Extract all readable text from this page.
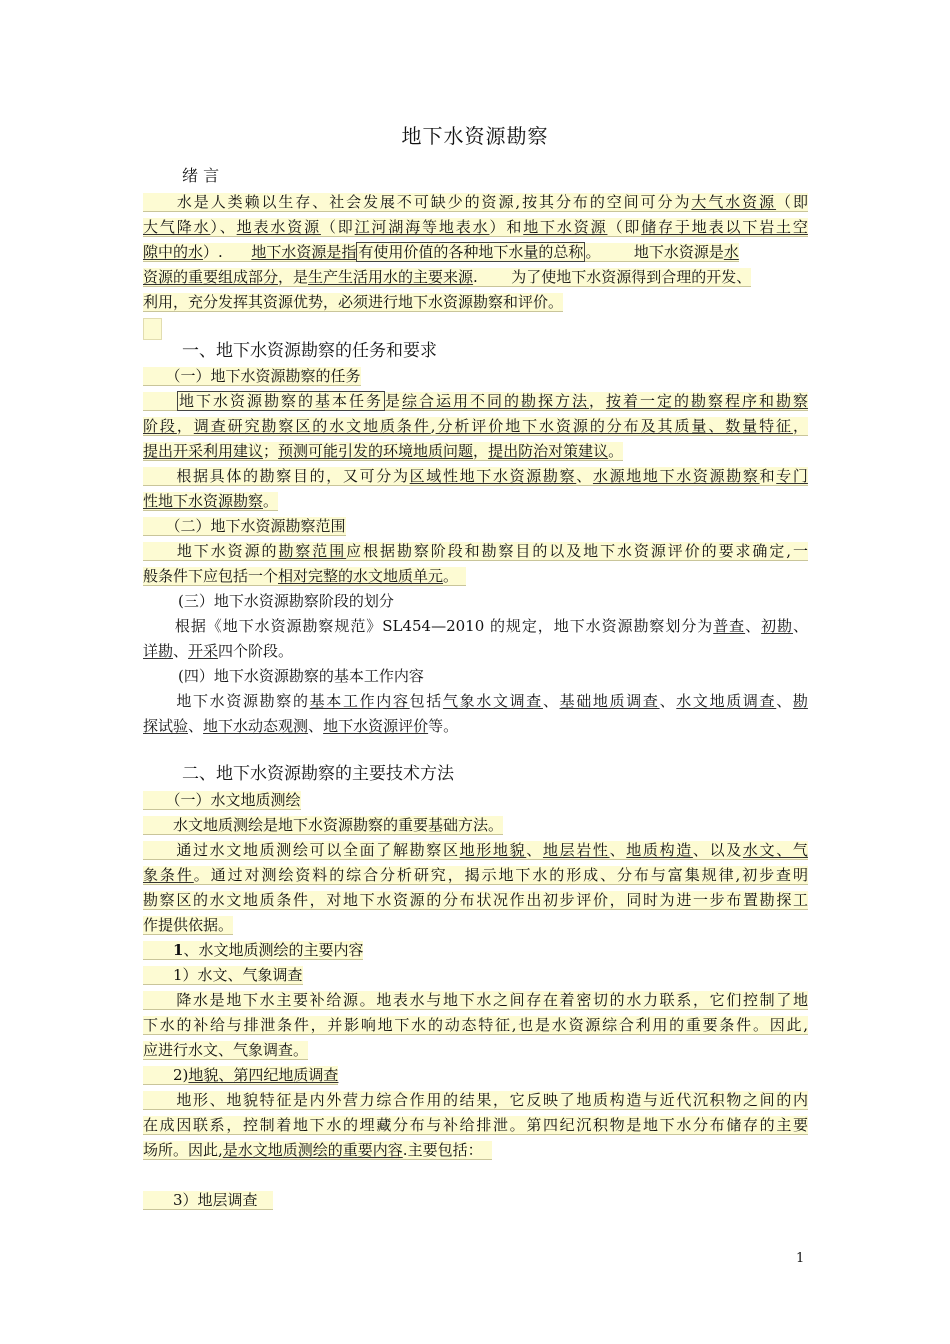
地下水资源勘察
绪 言
　　水是人类赖以生存、社会发展不可缺少的资源,按其分布的空间可分为大气水资源（即
大气降水）、地表水资源（即江河湖海等地表水）和地下水资源（即储存于地表以下岩土空
隙中的水）.      地下水资源是指 有使用价值的各种地下水量的总称 。       地下水资源是水
资源的重要组成部分，是生产生活用水的主要来源.       为了使地下水资源得到合理的开发、
利用，充分发挥其资源优势，必须进行地下水资源勘察和评价。
一、地下水资源勘察的任务和要求
　　（一）地下水资源勘察的任务
　　地下水资源勘察的基本任务 是综合运用不同的勘探方法，按着一定的勘察程序和勘察
阶段，调查研究勘察区的水文地质条件,分析评价地下水资源的分布及其质量、数量特征，
提出开采利用建议；预测可能引发的环境地质问题，提出防治对策建议。
　　根据具体的勘察目的，又可分为区域性地下水资源勘察、水源地地下水资源勘察和专门
性地下水资源勘察。
　　（二）地下水资源勘察范围
　　地下水资源的勘察范围应根据勘察阶段和勘察目的以及地下水资源评价的要求确定,一
般条件下应包括一个相对完整的水文地质单元。　
(三）地下水资源勘察阶段的划分
　　根据《地下水资源勘察规范》SL454—2010 的规定，地下水资源勘察划分为普查、初勘、
详勘、开采四个阶段。
(四）地下水资源勘察的基本工作内容
　　地下水资源勘察的基本工作内容包括气象水文调查、基础地质调查、水文地质调查、勘
探试验、地下水动态观测、地下水资源评价等。
二、地下水资源勘察的主要技术方法
　　（一）水文地质测绘
　　水文地质测绘是地下水资源勘察的重要基础方法。
　　通过水文地质测绘可以全面了解勘察区地形地貌、地层岩性、地质构造、以及水文、气
象条件。通过对测绘资料的综合分析研究，揭示地下水的形成、分布与富集规律,初步查明
勘察区的水文地质条件，对地下水资源的分布状况作出初步评价，同时为进一步布置勘探工
作提供依据。
　　1、水文地质测绘的主要内容
　　1）水文、气象调查
　　降水是地下水主要补给源。地表水与地下水之间存在着密切的水力联系，它们控制了地
下水的补给与排泄条件，并影响地下水的动态特征,也是水资源综合利用的重要条件。因此,
应进行水文、气象调查。
　　2)地貌、第四纪地质调查
　　地形、地貌特征是内外营力综合作用的结果，它反映了地质构造与近代沉积物之间的内
在成因联系，控制着地下水的埋藏分布与补给排泄。第四纪沉积物是地下水分布储存的主要
场所。因此,是水文地质测绘的重要内容.主要包括：
　　3）地层调查　
1
